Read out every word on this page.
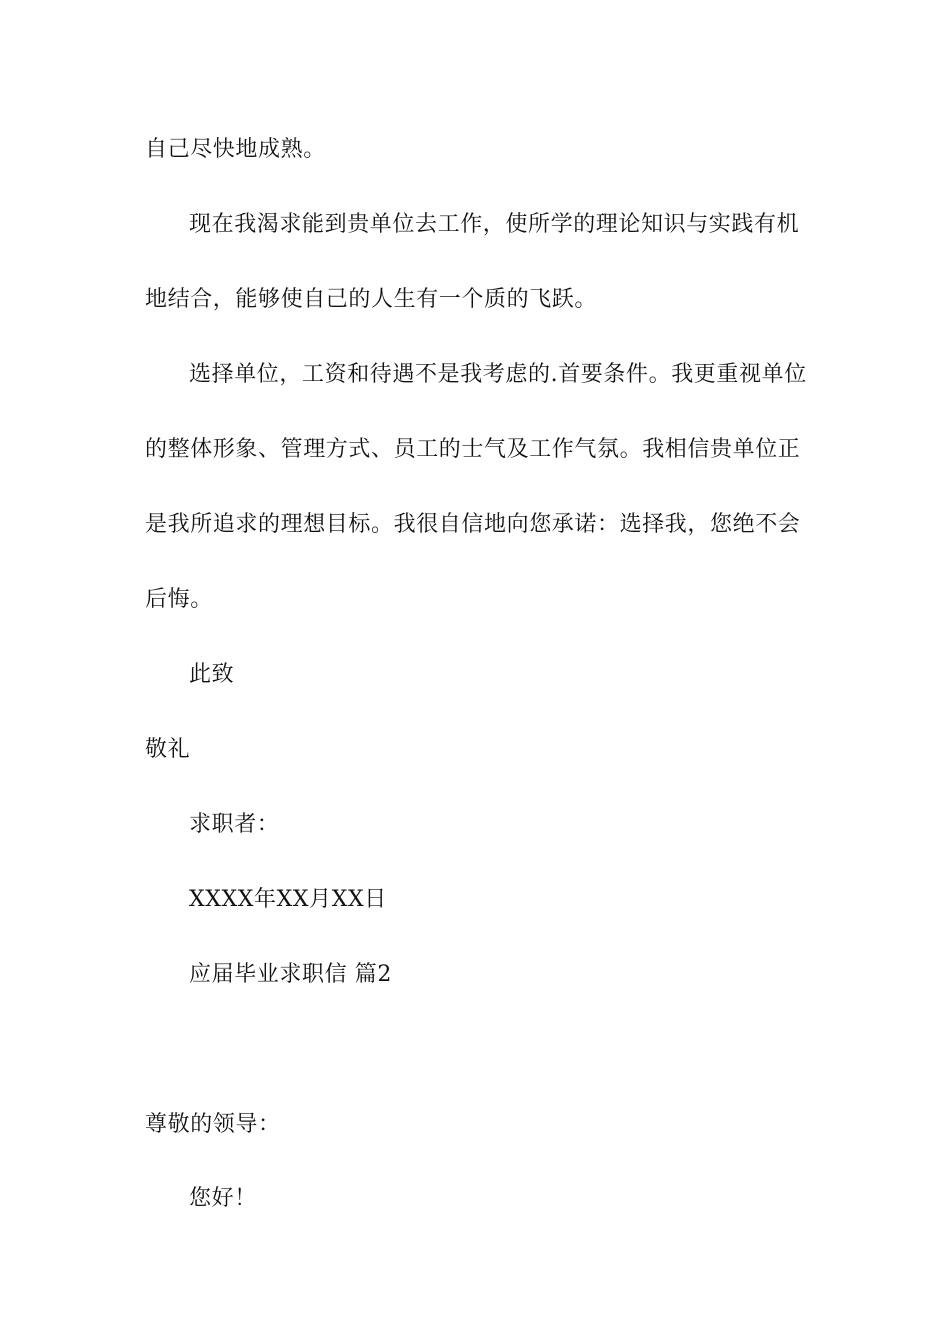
自己尽快地成熟。
现在我渴求能到贵单位去工作，使所学的理论知识与实践有机
地结合，能够使自己的人生有一个质的飞跃。
选择单位，工资和待遇不是我考虑的.首要条件。我更重视单位
的整体形象、管理方式、员工的士气及工作气氛。我相信贵单位正
是我所追求的理想目标。我很自信地向您承诺：选择我，您绝不会
后悔。
此致
敬礼
求职者：
XXXX年XX月XX日
应届毕业求职信 篇2
尊敬的领导：
您好！
